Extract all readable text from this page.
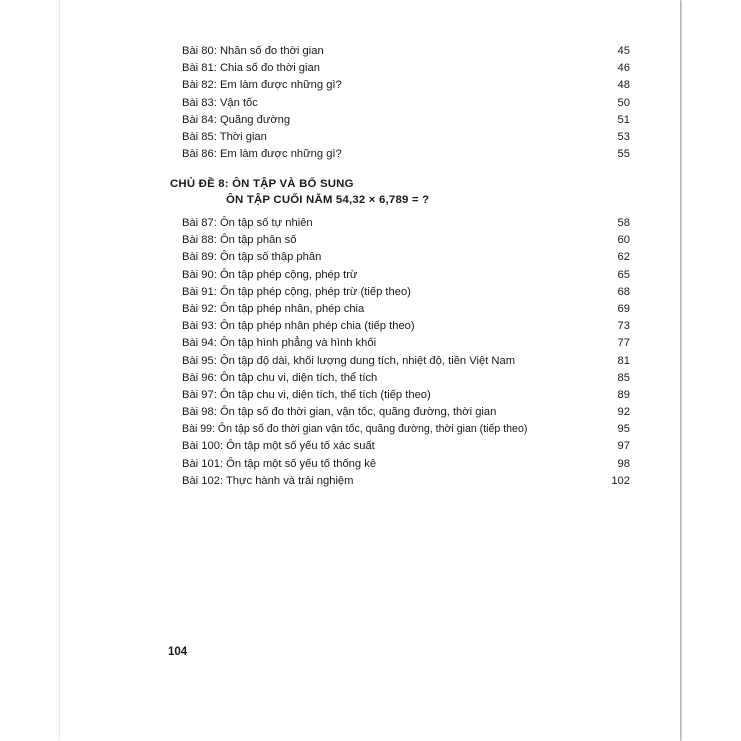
Bài 80: Nhân số đo thời gian	45
Bài 81: Chia số đo thời gian	46
Bài 82: Em làm được những gì?	48
Bài 83: Vận tốc	50
Bài 84: Quãng đường	51
Bài 85: Thời gian	53
Bài 86: Em làm được những gì?	55
CHỦ ĐỀ 8: ÔN TẬP VÀ BỔ SUNG
ÔN TẬP CUỐI NĂM 54,32 × 6,789 = ?
Bài 87: Ôn tập số tự nhiên	58
Bài 88: Ôn tập phân số	60
Bài 89: Ôn tập số thập phân	62
Bài 90: Ôn tập phép cộng, phép trừ	65
Bài 91: Ôn tập phép cộng, phép trừ (tiếp theo)	68
Bài 92: Ôn tập phép nhân, phép chia	69
Bài 93: Ôn tập phép nhân phép chia (tiếp theo)	73
Bài 94: Ôn tập hình phẳng và hình khối	77
Bài 95: Ôn tập độ dài, khối lượng dung tích, nhiệt độ, tiền Việt Nam	81
Bài 96: Ôn tập chu vi, diện tích, thể tích	85
Bài 97: Ôn tập chu vi, diện tích, thể tích (tiếp theo)	89
Bài 98: Ôn tập số đo thời gian, vận tốc, quãng đường, thời gian	92
Bài 99: Ôn tập số đo thời gian vận tốc, quãng đường, thời gian (tiếp theo)	95
Bài 100: Ôn tập một số yếu tố xác suất	97
Bài 101: Ôn tập một số yếu tố thống kê	98
Bài 102: Thực hành và trải nghiệm	102
104
